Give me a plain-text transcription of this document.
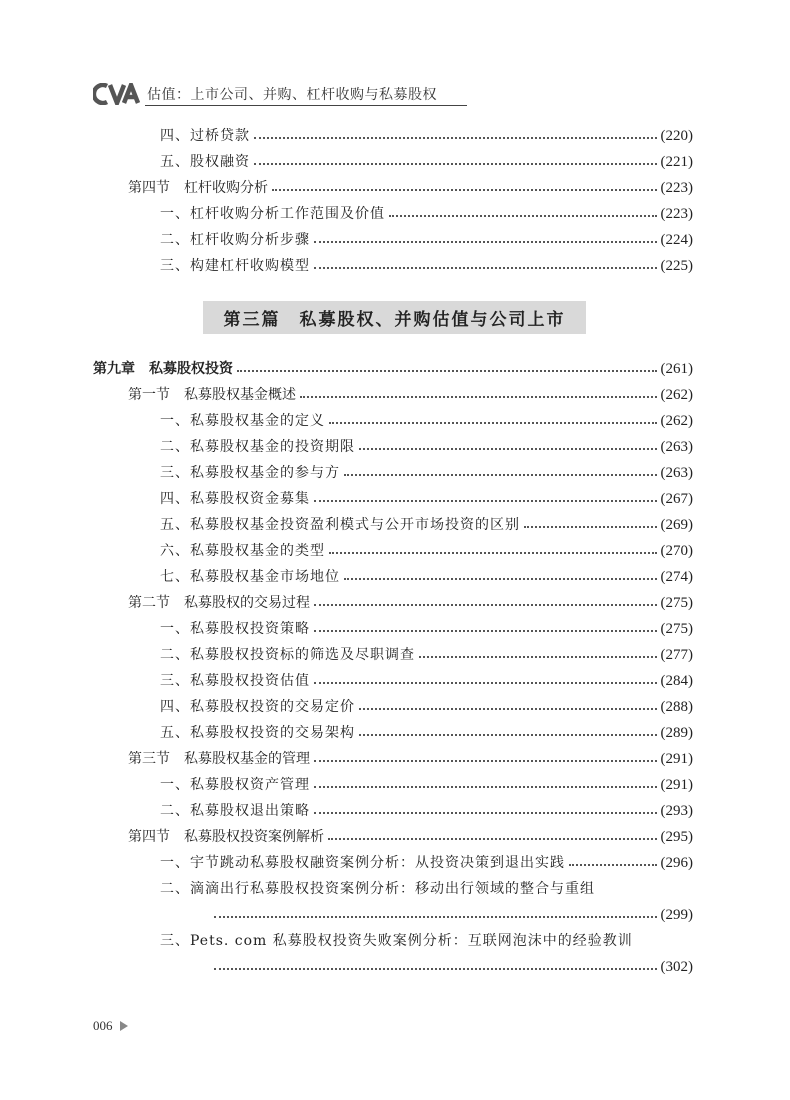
估值：上市公司、并购、杠杆收购与私募股权
四、过桥贷款	(220)
五、股权融资	(221)
第四节　杠杆收购分析	(223)
一、杠杆收购分析工作范围及价值	(223)
二、杠杆收购分析步骤	(224)
三、构建杠杆收购模型	(225)
第三篇　私募股权、并购估值与公司上市
第九章　私募股权投资	(261)
第一节　私募股权基金概述	(262)
一、私募股权基金的定义	(262)
二、私募股权基金的投资期限	(263)
三、私募股权基金的参与方	(263)
四、私募股权资金募集	(267)
五、私募股权基金投资盈利模式与公开市场投资的区别	(269)
六、私募股权基金的类型	(270)
七、私募股权基金市场地位	(274)
第二节　私募股权的交易过程	(275)
一、私募股权投资策略	(275)
二、私募股权投资标的筛选及尽职调查	(277)
三、私募股权投资估值	(284)
四、私募股权投资的交易定价	(288)
五、私募股权投资的交易架构	(289)
第三节　私募股权基金的管理	(291)
一、私募股权资产管理	(291)
二、私募股权退出策略	(293)
第四节　私募股权投资案例解析	(295)
一、宇节跳动私募股权融资案例分析：从投资决策到退出实践	(296)
二、滴滴出行私募股权投资案例分析：移动出行领域的整合与重组
(299)
三、Pets. com 私募股权投资失败案例分析：互联网泡沫中的经验教训
(302)
006
